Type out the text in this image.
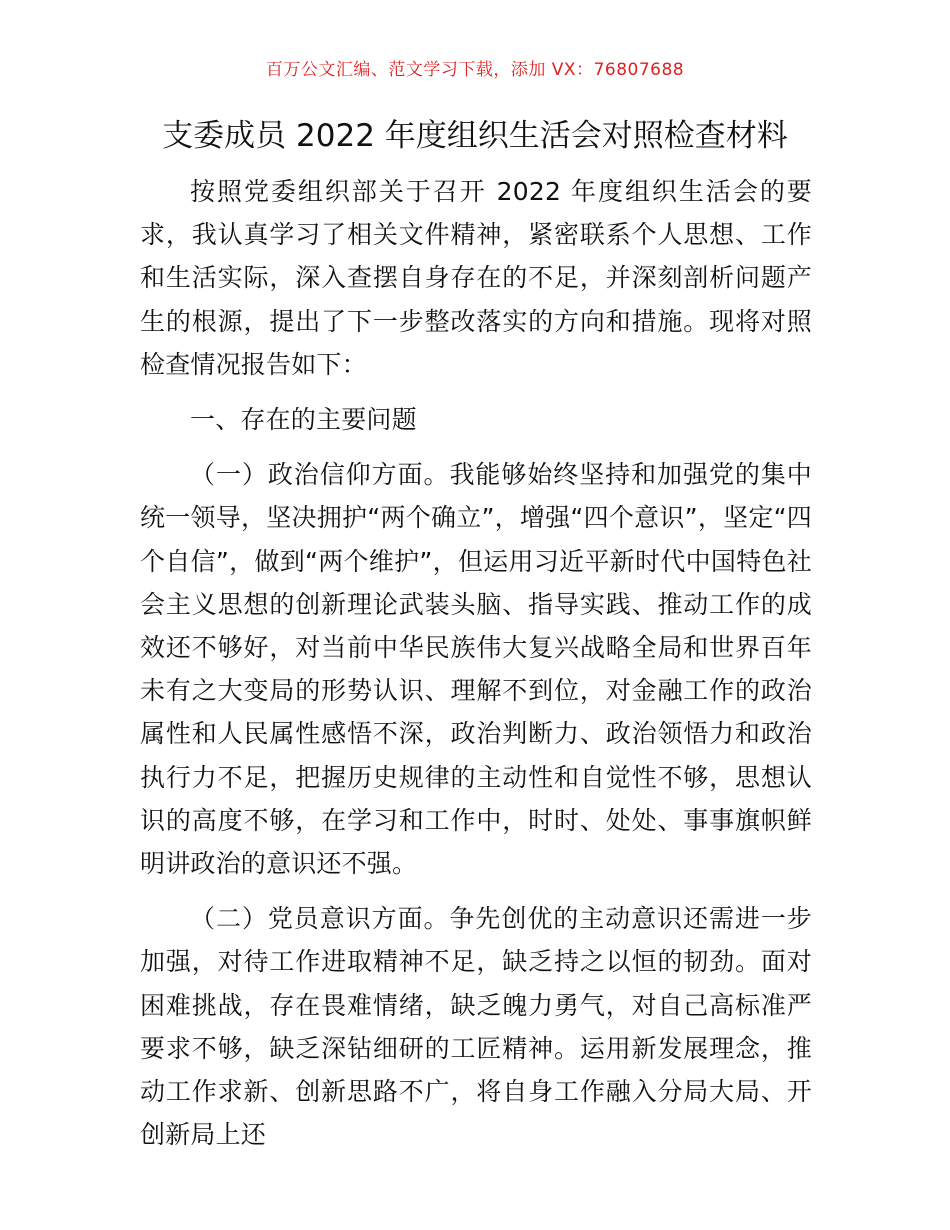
百万公文汇编、范文学习下载，添加 VX：76807688
支委成员 2022 年度组织生活会对照检查材料

按照党委组织部关于召开 2022 年度组织生活会的要求，我认真学习了相关文件精神，紧密联系个人思想、工作和生活实际，深入查摆自身存在的不足，并深刻剖析问题产生的根源，提出了下一步整改落实的方向和措施。现将对照检查情况报告如下：

一、存在的主要问题

（一）政治信仰方面。我能够始终坚持和加强党的集中统一领导，坚决拥护“两个确立”，增强“四个意识”，坚定“四个自信”，做到“两个维护”，但运用习近平新时代中国特色社会主义思想的创新理论武装头脑、指导实践、推动工作的成效还不够好，对当前中华民族伟大复兴战略全局和世界百年未有之大变局的形势认识、理解不到位，对金融工作的政治属性和人民属性感悟不深，政治判断力、政治领悟力和政治执行力不足，把握历史规律的主动性和自觉性不够，思想认识的高度不够，在学习和工作中，时时、处处、事事旗帜鲜明讲政治的意识还不强。

（二）党员意识方面。争先创优的主动意识还需进一步加强，对待工作进取精神不足，缺乏持之以恒的韧劲。面对困难挑战，存在畏难情绪，缺乏魄力勇气，对自己高标准严要求不够，缺乏深钻细研的工匠精神。运用新发展理念，推动工作求新、创新思路不广，将自身工作融入分局大局、开创新局上还
